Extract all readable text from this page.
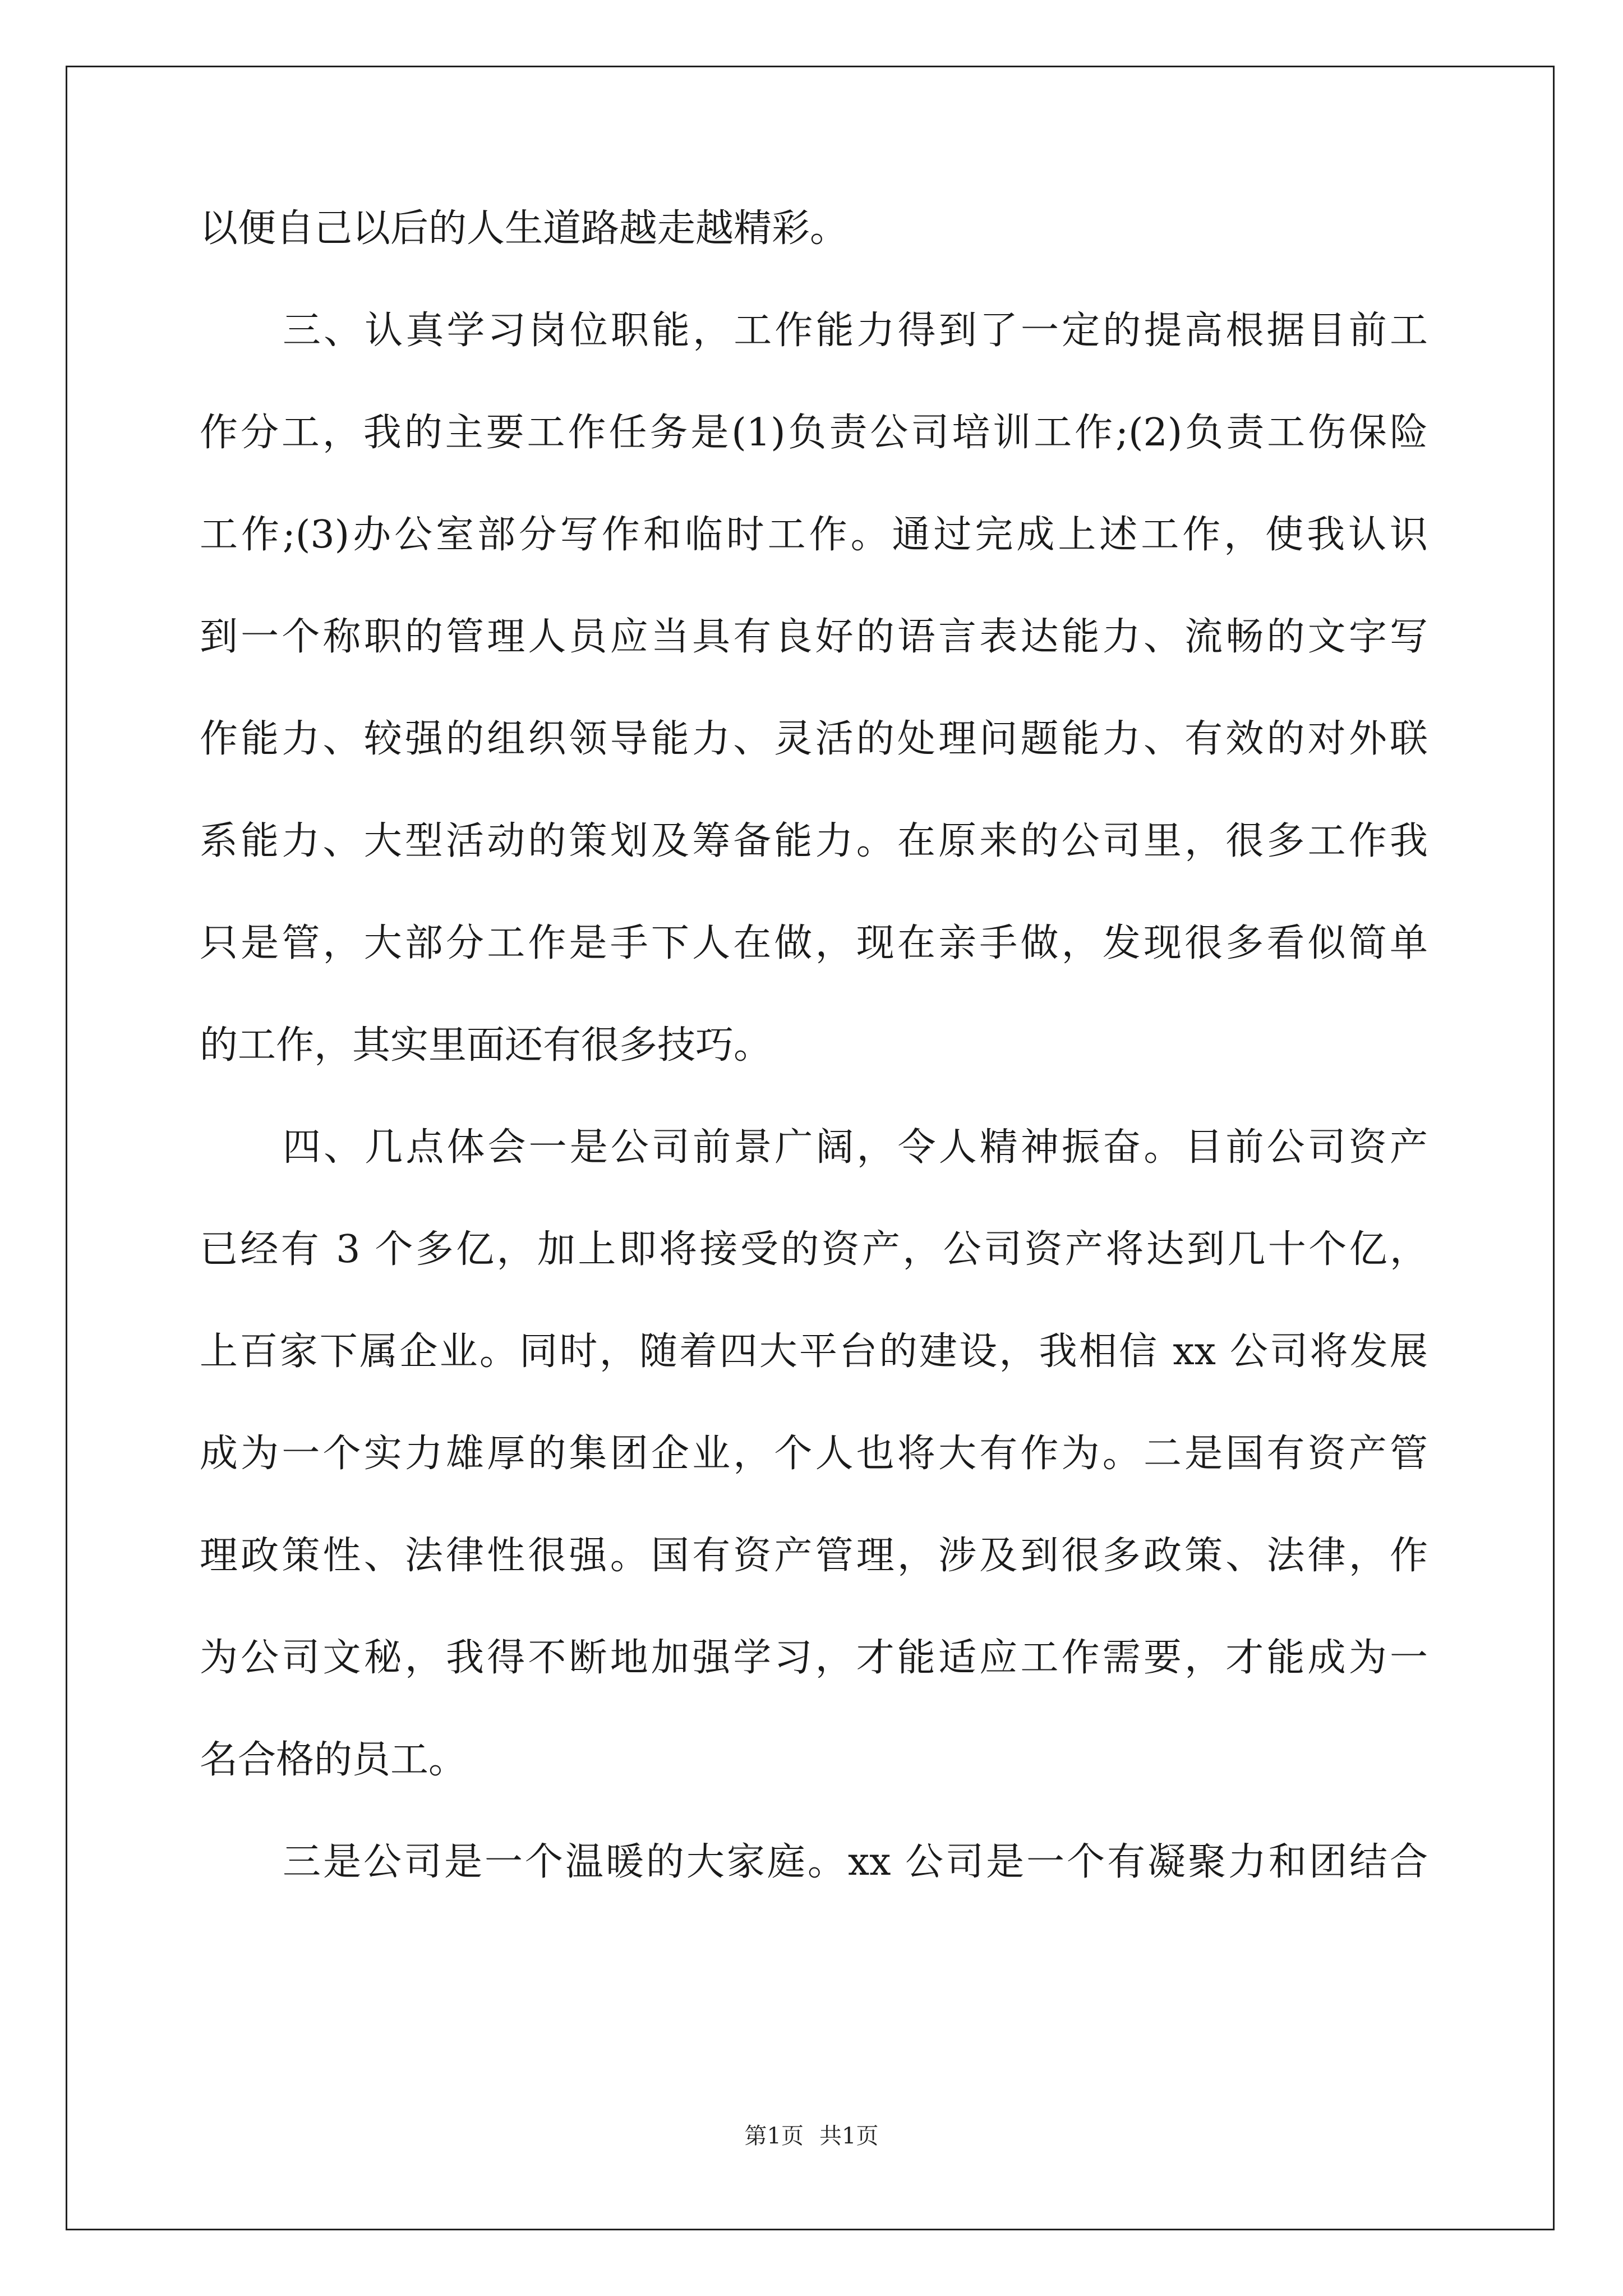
以便自己以后的人生道路越走越精彩。
三、认真学习岗位职能，工作能力得到了一定的提高根据目前工
作分工，我的主要工作任务是(1)负责公司培训工作;(2)负责工伤保险
工作;(3)办公室部分写作和临时工作。通过完成上述工作，使我认识
到一个称职的管理人员应当具有良好的语言表达能力、流畅的文字写
作能力、较强的组织领导能力、灵活的处理问题能力、有效的对外联
系能力、大型活动的策划及筹备能力。在原来的公司里，很多工作我
只是管，大部分工作是手下人在做，现在亲手做，发现很多看似简单
的工作，其实里面还有很多技巧。
四、几点体会一是公司前景广阔，令人精神振奋。目前公司资产
已经有 3 个多亿，加上即将接受的资产，公司资产将达到几十个亿，
上百家下属企业。同时，随着四大平台的建设，我相信 xx 公司将发展
成为一个实力雄厚的集团企业，个人也将大有作为。二是国有资产管
理政策性、法律性很强。国有资产管理，涉及到很多政策、法律，作
为公司文秘，我得不断地加强学习，才能适应工作需要，才能成为一
名合格的员工。
三是公司是一个温暖的大家庭。xx 公司是一个有凝聚力和团结合
第1页 共1页
